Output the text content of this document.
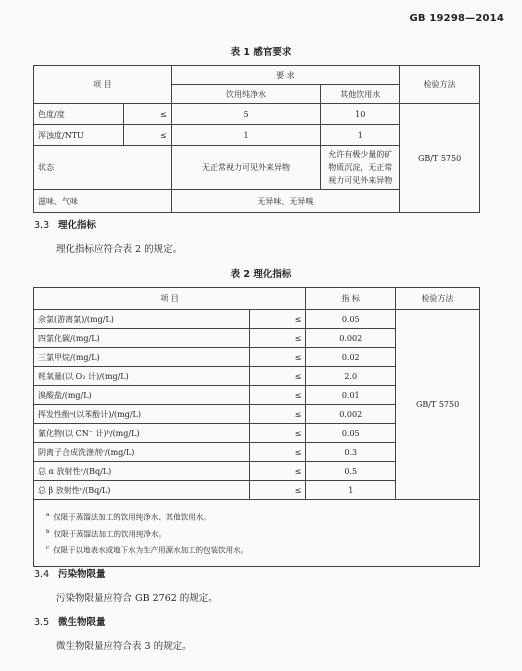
GB 19298—2014
表 1 感官要求
项 目		要 求		检验方法
		饮用纯净水	其他饮用水	
色度/度	≤	5	10	GB/T 5750
浑浊度/NTU	≤	1	1	
状态		无正常视力可见外来异物	允许有极少量的矿物质沉淀，无正常视力可见外来异物	
滋味、气味		无异味、无异嗅		
3.3 理化指标
理化指标应符合表 2 的规定。
表 2 理化指标
项 目		指 标	检验方法
余氯(游离氯)/(mg/L)	≤	0.05	GB/T 5750
四氯化碳/(mg/L)	≤	0.002	
三氯甲烷/(mg/L)	≤	0.02	
耗氧量(以 O₂ 计)/(mg/L)	≤	2.0	
溴酸盐/(mg/L)	≤	0.01	
挥发性酚ᵃ(以苯酚计)/(mg/L)	≤	0.002	
氰化物(以 CN⁻ 计)ᵇ/(mg/L)	≤	0.05	
阴离子合成洗涤剂ᶜ/(mg/L)	≤	0.3	
总 α 放射性ᶜ/(Bq/L)	≤	0.5	
总 β 放射性ᶜ/(Bq/L)	≤	1	

$^a$ 仅限于蒸馏法加工的饮用纯净水、其他饮用水。
$^b$ 仅限于蒸馏法加工的饮用纯净水。
$^c$ 仅限于以地表水或地下水为生产用源水加工的包装饮用水。			
3.4 污染物限量
污染物限量应符合 GB 2762 的规定。
3.5 微生物限量
微生物限量应符合表 3 的规定。
